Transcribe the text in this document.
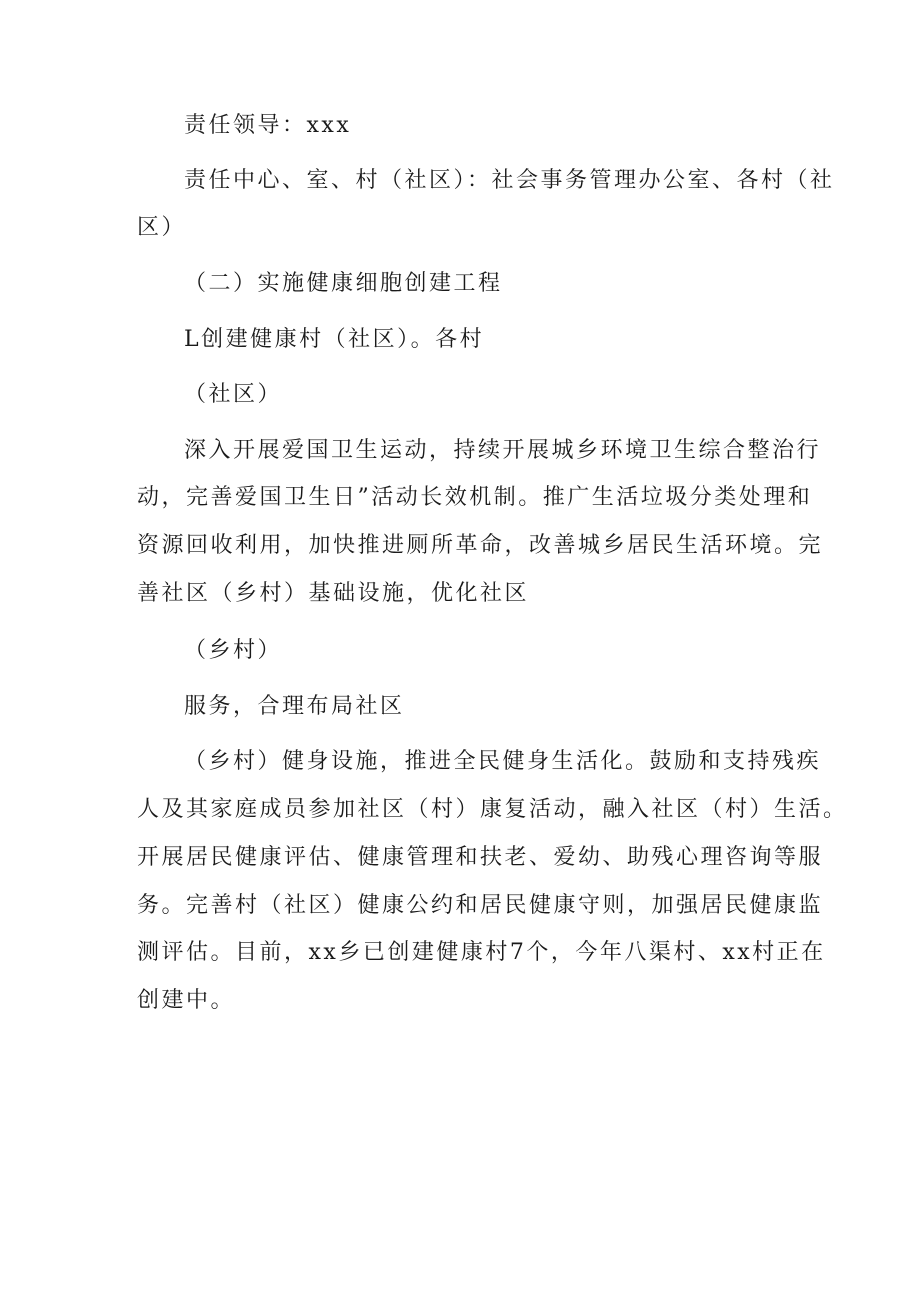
责任领导：xxx
责任中心、室、村（社区）：社会事务管理办公室、各村（社
区）
（二）实施健康细胞创建工程
L创建健康村（社区）。各村
（社区）
深入开展爱国卫生运动，持续开展城乡环境卫生综合整治行
动，完善爱国卫生日”活动长效机制。推广生活垃圾分类处理和
资源回收利用，加快推进厕所革命，改善城乡居民生活环境。完
善社区（乡村）基础设施，优化社区
（乡村）
服务，合理布局社区
（乡村）健身设施，推进全民健身生活化。鼓励和支持残疾
人及其家庭成员参加社区（村）康复活动，融入社区（村）生活。
开展居民健康评估、健康管理和扶老、爱幼、助残心理咨询等服
务。完善村（社区）健康公约和居民健康守则，加强居民健康监
测评估。目前，xx乡已创建健康村7个，今年八渠村、xx村正在
创建中。
